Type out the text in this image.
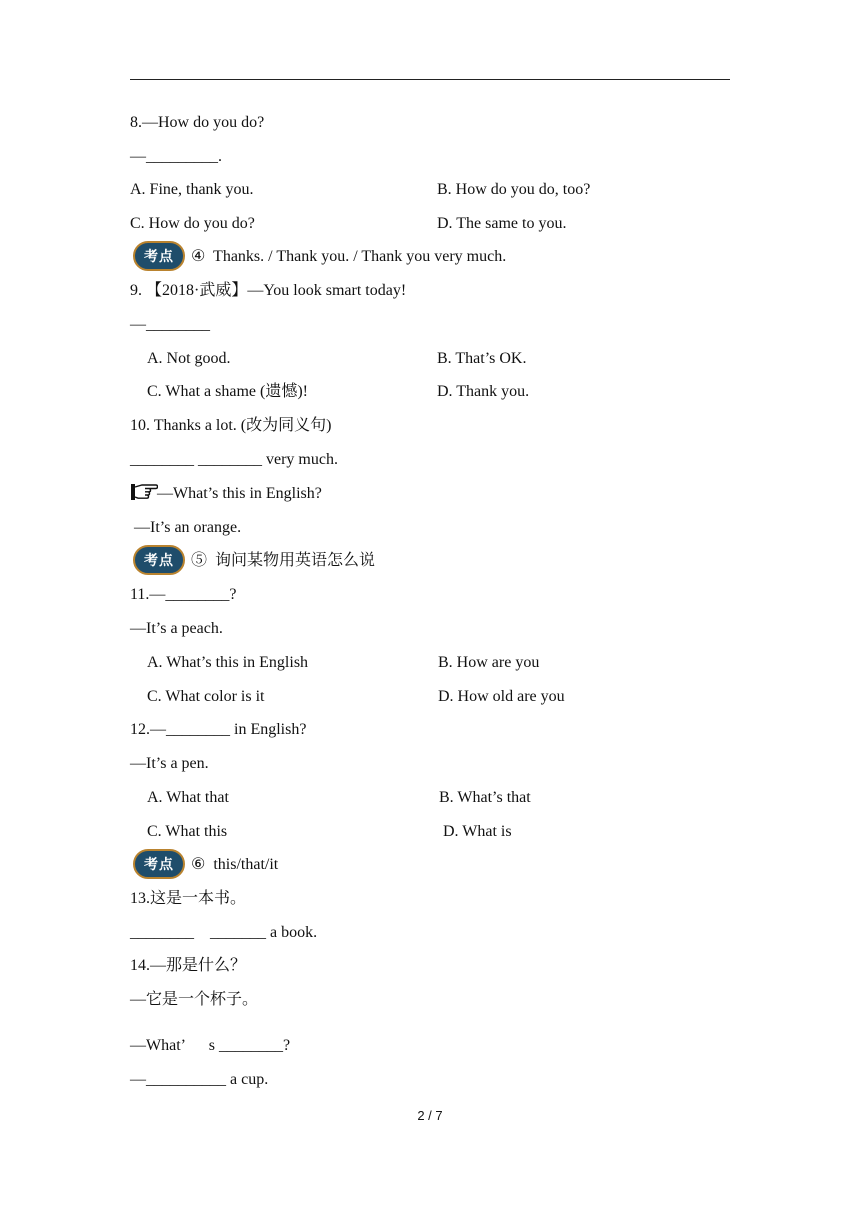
8.—How do you do?
—_________.
A. Fine, thank you.	B. How do you do, too?
C. How do you do?	D. The same to you.
考点	④  Thanks. / Thank you. / Thank you very much.
9. 【2018·武威】—You look smart today!
—________
A. Not good.	B. That’s OK.
C. What a shame (遗憾)!	D. Thank you.
10. Thanks a lot. (改为同义句)
________ ________ very much.
—What’s this in English?
—It’s an orange.
考点	⑤  询问某物用英语怎么说
11.—________?
—It’s a peach.
A. What’s this in English	B. How are you
C. What color is it	D. How old are you
12.—________ in English?
—It’s a pen.
A. What that	B. What’s that
C. What this	D. What is
考点	⑥  this/that/it
13.这是一本书。
________    _______ a book.
14.—那是什么？
—它是一个杯子。
—What’      s ________?
—__________ a cup.
2 / 7
